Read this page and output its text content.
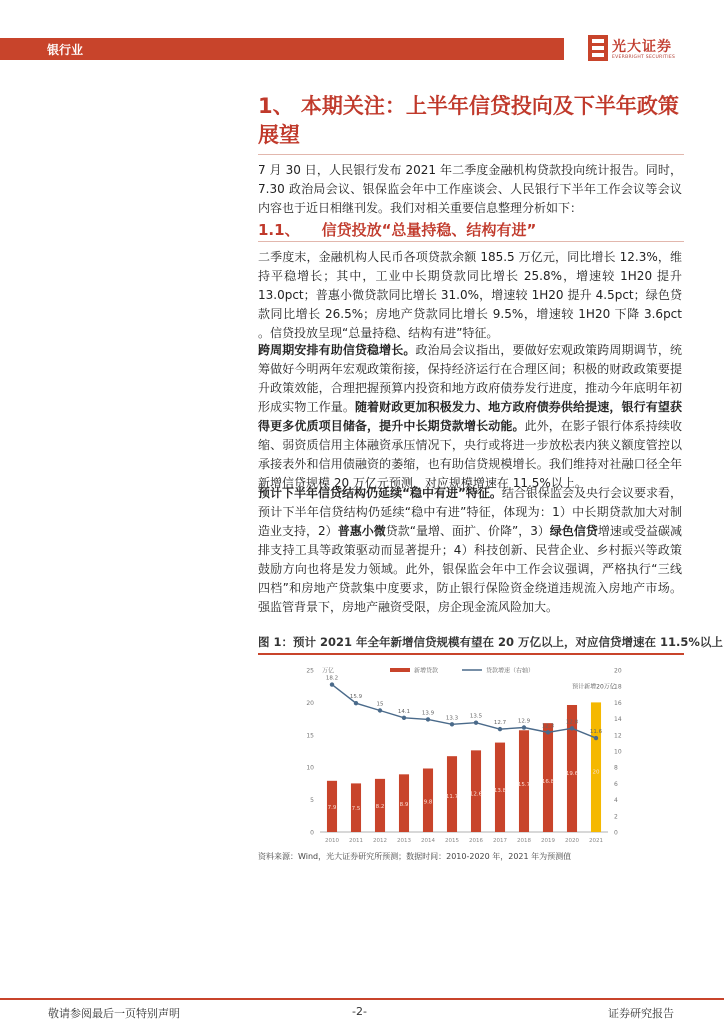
银行业	光大证券
EVERBRIGHT SECURITIES
1、 本期关注：上半年信贷投向及下半年政策展望
7 月 30 日，人民银行发布 2021 年二季度金融机构贷款投向统计报告。同时，7.30 政治局会议、银保监会年中工作座谈会、人民银行下半年工作会议等会议内容也于近日相继刊发。我们对相关重要信息整理分析如下：
1.1、 信贷投放“总量持稳、结构有进”
二季度末，金融机构人民币各项贷款余额 185.5 万亿元，同比增长 12.3%，维持平稳增长；其中，工业中长期贷款同比增长 25.8%，增速较 1H20 提升 13.0pct；普惠小微贷款同比增长 31.0%，增速较 1H20 提升 4.5pct；绿色贷款同比增长 26.5%；房地产贷款同比增长 9.5%，增速较 1H20 下降 3.6pct 。信贷投放呈现“总量持稳、结构有进”特征。
跨周期安排有助信贷稳增长。政治局会议指出，要做好宏观政策跨周期调节，统筹做好今明两年宏观政策衔接，保持经济运行在合理区间；积极的财政政策要提升政策效能，合理把握预算内投资和地方政府债券发行进度，推动今年底明年初形成实物工作量。随着财政更加积极发力、地方政府债券供给提速，银行有望获得更多优质项目储备，提升中长期贷款增长动能。此外，在影子银行体系持续收缩、弱资质信用主体融资承压情况下，央行或将进一步放松表内狭义额度管控以承接表外和信用债融资的萎缩，也有助信贷规模增长。我们维持对社融口径全年新增信贷规模 20 万亿元预测，对应规模增速在 11.5%以上。
预计下半年信贷结构仍延续“稳中有进”特征。结合银保监会及央行会议要求看，预计下半年信贷结构仍延续“稳中有进”特征，体现为：1）中长期贷款加大对制造业支持，2）普惠小微贷款“量增、面扩、价降”，3）绿色信贷增速或受益碳减排支持工具等政策驱动而显著提升；4）科技创新、民营企业、乡村振兴等政策鼓励方向也将是发力领域。此外，银保监会年中工作会议强调，严格执行“三线四档”和房地产贷款集中度要求，防止银行保险资金绕道违规流入房地产市场。强监管背景下，房地产融资受限，房企现金流风险加大。
图 1：预计 2021 年全年新增信贷规模有望在 20 万亿以上，对应信贷增速在 11.5%以上
0
5
10
15
20
25 万亿
0
2
4
6
8
10
12
14
16
18
20
新增贷款	贷款增速（右轴）
7.9
2010
7.5
2011
8.2
2012
8.9
2013
9.8
2014
11.7
2015
12.6
2016
13.8
2017
15.7
2018
16.8
2019
19.6
2020
20
2021
18.2
15.9
15
14.1 13.9
13.3 13.5
12.7 12.9
12.3
12.8
11.6
预计新增20万亿
资料来源：Wind，光大证券研究所预测；数据时间：2010-2020 年，2021 年为预测值
敬请参阅最后一页特别声明	-2-	证券研究报告
